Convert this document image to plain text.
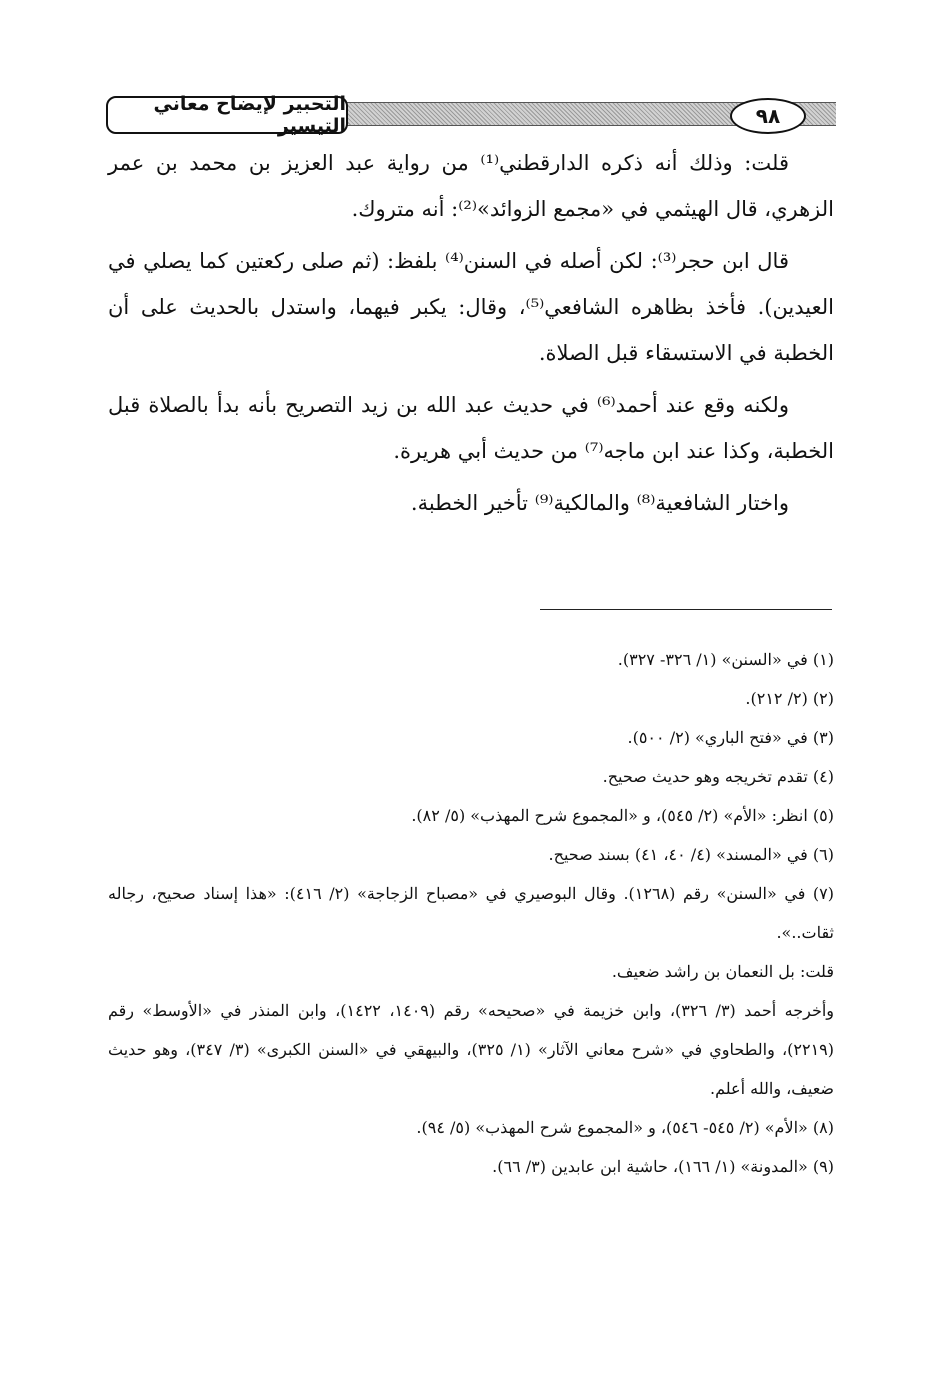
التحبير لإيضاح معاني التيسير	٩٨

قلت: وذلك أنه ذكره الدارقطني⁽¹⁾ من رواية عبد العزيز بن محمد بن عمر الزهري، قال الهيثمي في «مجمع الزوائد»⁽²⁾: أنه متروك.

قال ابن حجر⁽³⁾: لكن أصله في السنن⁽⁴⁾ بلفظ: (ثم صلى ركعتين كما يصلي في العيدين). فأخذ بظاهره الشافعي⁽⁵⁾، وقال: يكبر فيهما، واستدل بالحديث على أن الخطبة في الاستسقاء قبل الصلاة.

ولكنه وقع عند أحمد⁽⁶⁾ في حديث عبد الله بن زيد التصريح بأنه بدأ بالصلاة قبل الخطبة، وكذا عند ابن ماجه⁽⁷⁾ من حديث أبي هريرة.

واختار الشافعية⁽⁸⁾ والمالكية⁽⁹⁾ تأخير الخطبة.

(١) في «السنن» (١/ ٣٢٦- ٣٢٧).

(٢) (٢/ ٢١٢).

(٣) في «فتح الباري» (٢/ ٥٠٠).

(٤) تقدم تخريجه وهو حديث صحيح.

(٥) انظر: «الأم» (٢/ ٥٤٥)، و «المجموع شرح المهذب» (٥/ ٨٢).

(٦) في «المسند» (٤/ ٤٠، ٤١) بسند صحيح.

(٧) في «السنن» رقم (١٢٦٨). وقال البوصيري في «مصباح الزجاجة» (٢/ ٤١٦): «هذا إسناد صحيح، رجاله ثقات..».

قلت: بل النعمان بن راشد ضعيف.

وأخرجه أحمد (٣/ ٣٢٦)، وابن خزيمة في «صحيحه» رقم (١٤٠٩، ١٤٢٢)، وابن المنذر في «الأوسط» رقم (٢٢١٩)، والطحاوي في «شرح معاني الآثار» (١/ ٣٢٥)، والبيهقي في «السنن الكبرى» (٣/ ٣٤٧)، وهو حديث ضعيف، والله أعلم.

(٨) «الأم» (٢/ ٥٤٥- ٥٤٦)، و «المجموع شرح المهذب» (٥/ ٩٤).

(٩) «المدونة» (١/ ١٦٦)، حاشية ابن عابدين (٣/ ٦٦).
